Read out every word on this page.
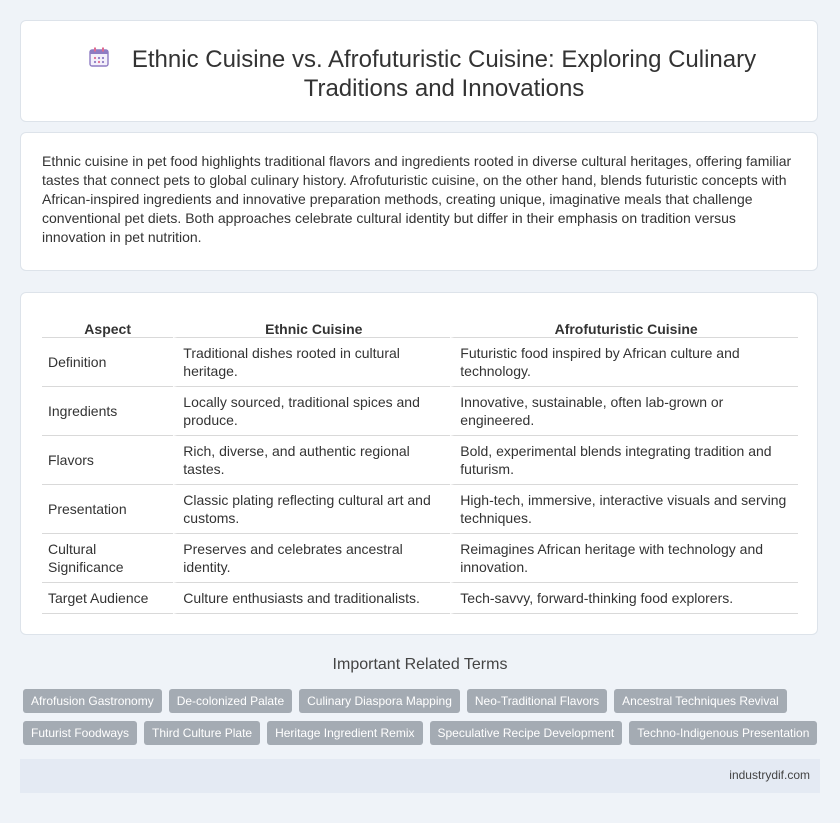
Ethnic Cuisine vs. Afrofuturistic Cuisine: Exploring Culinary Traditions and Innovations

Ethnic cuisine in pet food highlights traditional flavors and ingredients rooted in diverse cultural heritages, offering familiar tastes that connect pets to global culinary history. Afrofuturistic cuisine, on the other hand, blends futuristic concepts with African-inspired ingredients and innovative preparation methods, creating unique, imaginative meals that challenge conventional pet diets. Both approaches celebrate cultural identity but differ in their emphasis on tradition versus innovation in pet nutrition.

Aspect	Ethnic Cuisine	Afrofuturistic Cuisine
Definition	Traditional dishes rooted in cultural heritage.	Futuristic food inspired by African culture and technology.
Ingredients	Locally sourced, traditional spices and produce.	Innovative, sustainable, often lab-grown or engineered.
Flavors	Rich, diverse, and authentic regional tastes.	Bold, experimental blends integrating tradition and futurism.
Presentation	Classic plating reflecting cultural art and customs.	High-tech, immersive, interactive visuals and serving techniques.
Cultural Significance	Preserves and celebrates ancestral identity.	Reimagines African heritage with technology and innovation.
Target Audience	Culture enthusiasts and traditionalists.	Tech-savvy, forward-thinking food explorers.
Important Related Terms
Afrofusion Gastronomy	De-colonized Palate	Culinary Diaspora Mapping	Neo-Traditional Flavors	Ancestral Techniques Revival
Futurist Foodways	Third Culture Plate	Heritage Ingredient Remix	Speculative Recipe Development	Techno-Indigenous Presentation
industrydif.com
